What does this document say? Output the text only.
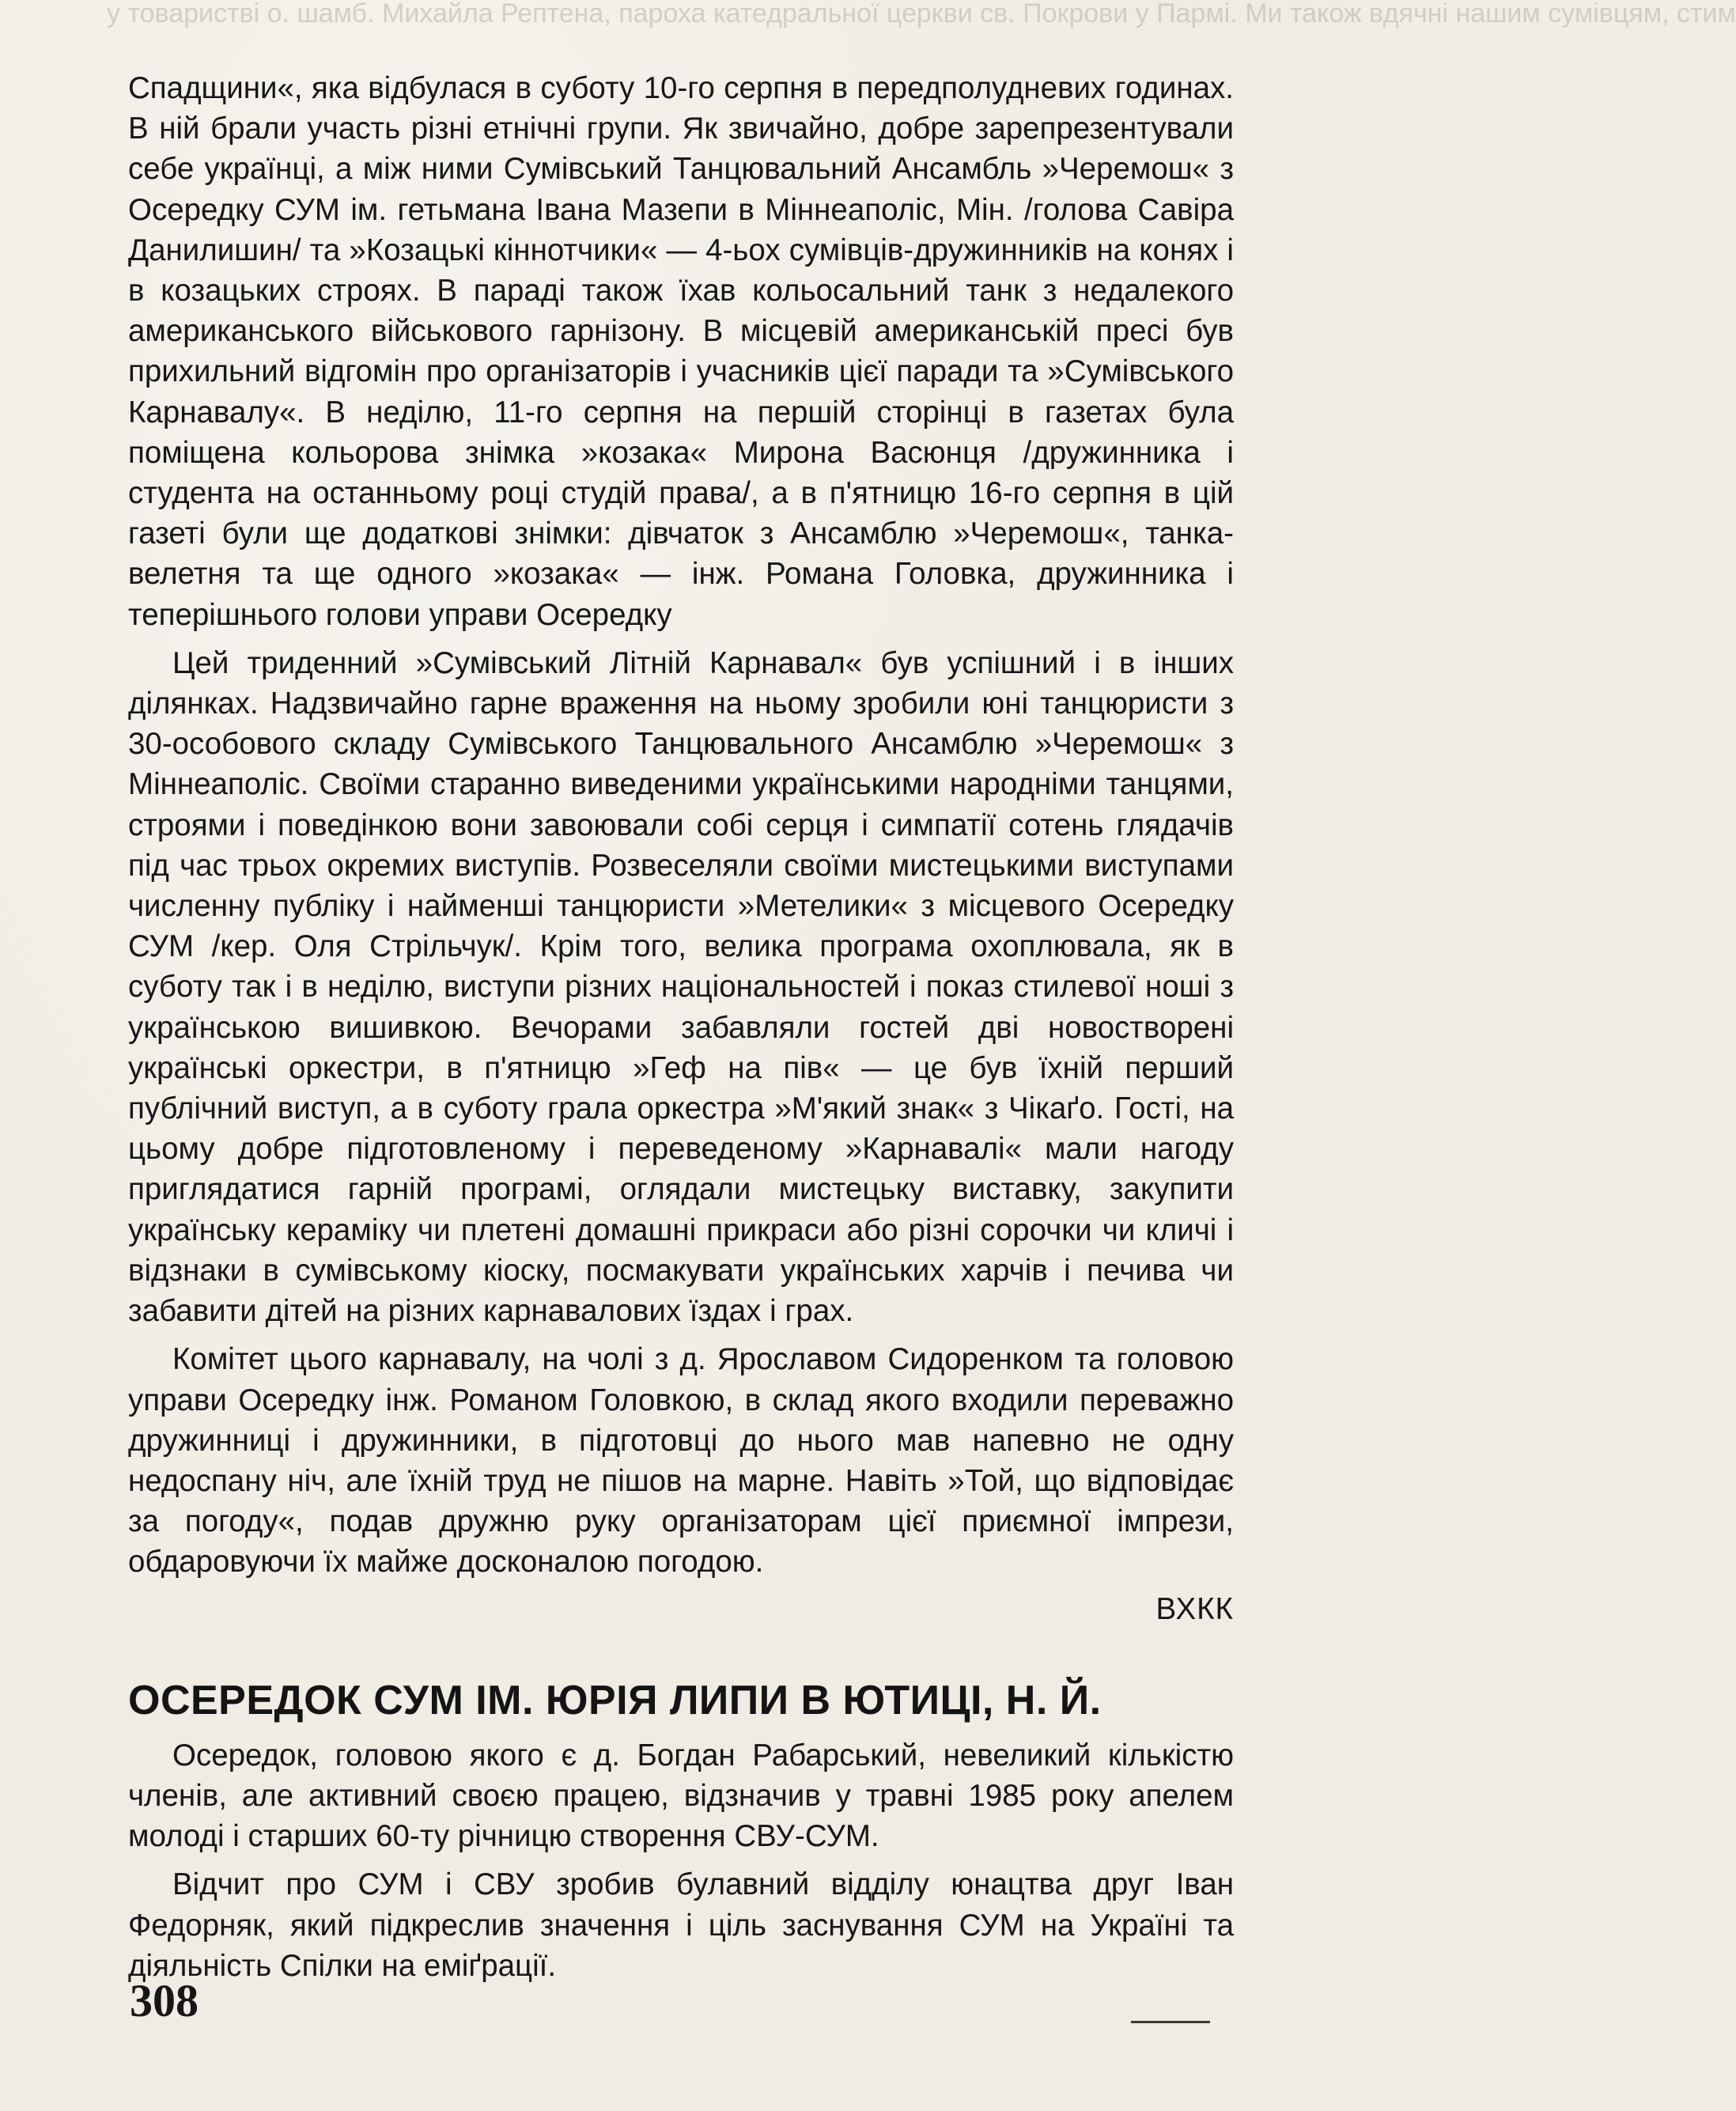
у товаристві о. шамб. Михайла Рептена, пароха катедральної церкви св. Покрови у Пармі. Ми також вдячні нашим сумівцям, стим

Спадщини«, яка відбулася в суботу 10-го серпня в передполудневих годинах. В ній брали участь різні етнічні групи. Як звичайно, добре зарепрезентували себе українці, а між ними Сумівський Танцювальний Ансамбль »Черемош« з Осередку СУМ ім. гетьмана Івана Мазепи в Міннеаполіс, Мін. /голова Савіра Данилишин/ та »Козацькі кіннотчики« — 4-ьох сумівців-дружинників на конях і в козацьких строях. В параді також їхав кольосальний танк з недалекого американського військового гарнізону. В місцевій американській пресі був прихильний відгомін про організаторів і учасників цієї паради та »Сумівського Карнавалу«. В неділю, 11-го серпня на першій сторінці в газетах була поміщена кольорова знімка »козака« Мирона Васюнця /дружинника і студента на останньому році студій права/, а в п'ятницю 16-го серпня в цій газеті були ще додаткові знімки: дівчаток з Ансамблю »Черемош«, танка-велетня та ще одного »козака« — інж. Романа Головка, дружинника і теперішнього голови управи Осередку

Цей триденний »Сумівський Літній Карнавал« був успішний і в інших ділянках. Надзвичайно гарне враження на ньому зробили юні танцюристи з 30-особового складу Сумівського Танцювального Ансамблю »Черемош« з Міннеаполіс. Своїми старанно виведеними українськими народніми танцями, строями і поведінкою вони завоювали собі серця і симпатії сотень глядачів під час трьох окремих виступів. Розвеселяли своїми мистецькими виступами численну публіку і найменші танцюристи »Метелики« з місцевого Осередку СУМ /кер. Оля Стрільчук/. Крім того, велика програма охоплювала, як в суботу так і в неділю, виступи різних національностей і показ стилевої ноші з українською вишивкою. Вечорами забавляли гостей дві новостворені українські оркестри, в п'ятницю »Геф на пів« — це був їхній перший публічний виступ, а в суботу грала оркестра »М'який знак« з Чікаґо. Гості, на цьому добре підготовленому і переведеному »Карнавалі« мали нагоду приглядатися гарній програмі, оглядали мистецьку виставку, закупити українську кераміку чи плетені домашні прикраси або різні сорочки чи кличі і відзнаки в сумівському кіоску, посмакувати українських харчів і печива чи забавити дітей на різних карнавалових їздах і грах.

Комітет цього карнавалу, на чолі з д. Ярославом Сидоренком та головою управи Осередку інж. Романом Головкою, в склад якого входили переважно дружинниці і дружинники, в підготовці до нього мав напевно не одну недоспану ніч, але їхній труд не пішов на марне. Навіть »Той, що відповідає за погоду«, подав дружню руку організаторам цієї приємної імпрези, обдаровуючи їх майже досконалою погодою.

ВХКК

ОСЕРЕДОК СУМ ІМ. ЮРІЯ ЛИПИ В ЮТИЦІ, Н. Й.

Осередок, головою якого є д. Богдан Рабарський, невеликий кількістю членів, але активний своєю працею, відзначив у травні 1985 року апелем молоді і старших 60-ту річницю створення СВУ-СУМ.

Відчит про СУМ і СВУ зробив булавний відділу юнацтва друг Іван Федорняк, який підкреслив значення і ціль заснування СУМ на Україні та діяльність Спілки на еміґрації.

308
